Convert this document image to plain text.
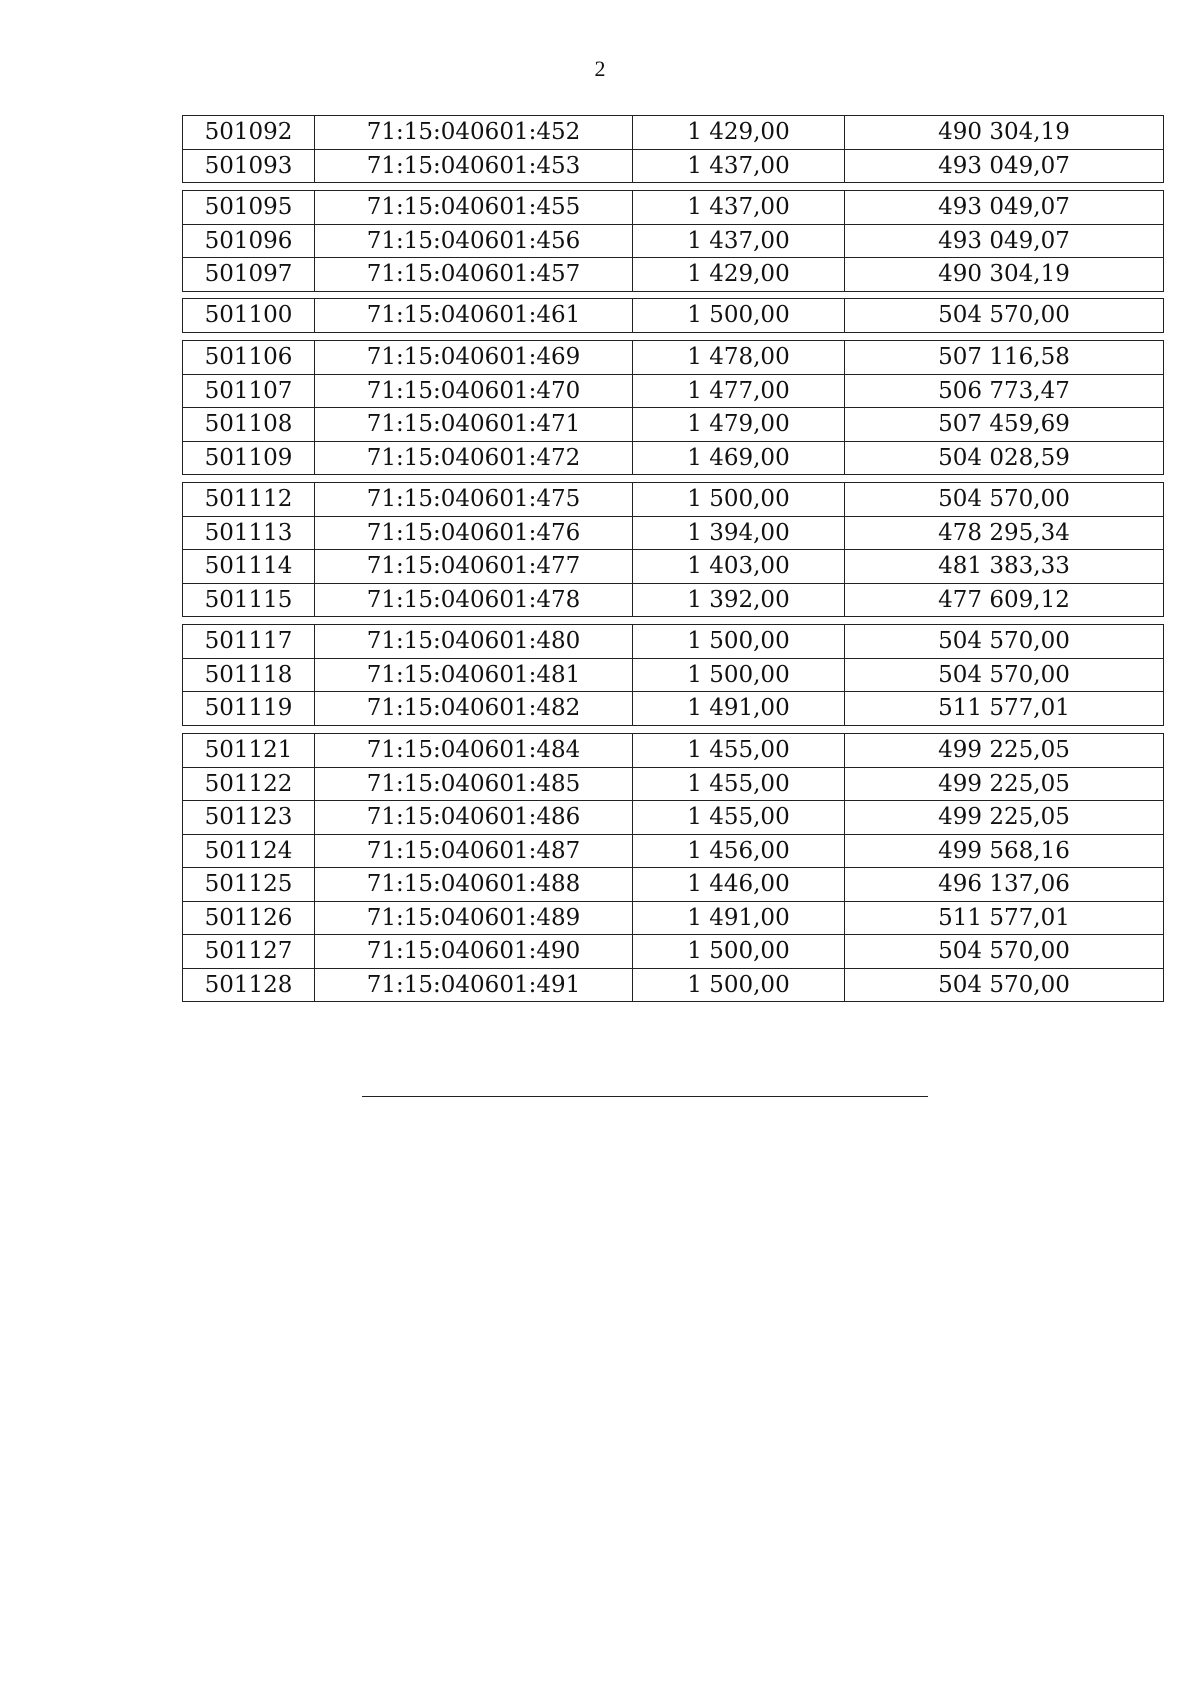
2
501092	71:15:040601:452	1 429,00	490 304,19
501093	71:15:040601:453	1 437,00	493 049,07
501095	71:15:040601:455	1 437,00	493 049,07
501096	71:15:040601:456	1 437,00	493 049,07
501097	71:15:040601:457	1 429,00	490 304,19
501100	71:15:040601:461	1 500,00	504 570,00
501106	71:15:040601:469	1 478,00	507 116,58
501107	71:15:040601:470	1 477,00	506 773,47
501108	71:15:040601:471	1 479,00	507 459,69
501109	71:15:040601:472	1 469,00	504 028,59
501112	71:15:040601:475	1 500,00	504 570,00
501113	71:15:040601:476	1 394,00	478 295,34
501114	71:15:040601:477	1 403,00	481 383,33
501115	71:15:040601:478	1 392,00	477 609,12
501117	71:15:040601:480	1 500,00	504 570,00
501118	71:15:040601:481	1 500,00	504 570,00
501119	71:15:040601:482	1 491,00	511 577,01
501121	71:15:040601:484	1 455,00	499 225,05
501122	71:15:040601:485	1 455,00	499 225,05
501123	71:15:040601:486	1 455,00	499 225,05
501124	71:15:040601:487	1 456,00	499 568,16
501125	71:15:040601:488	1 446,00	496 137,06
501126	71:15:040601:489	1 491,00	511 577,01
501127	71:15:040601:490	1 500,00	504 570,00
501128	71:15:040601:491	1 500,00	504 570,00
